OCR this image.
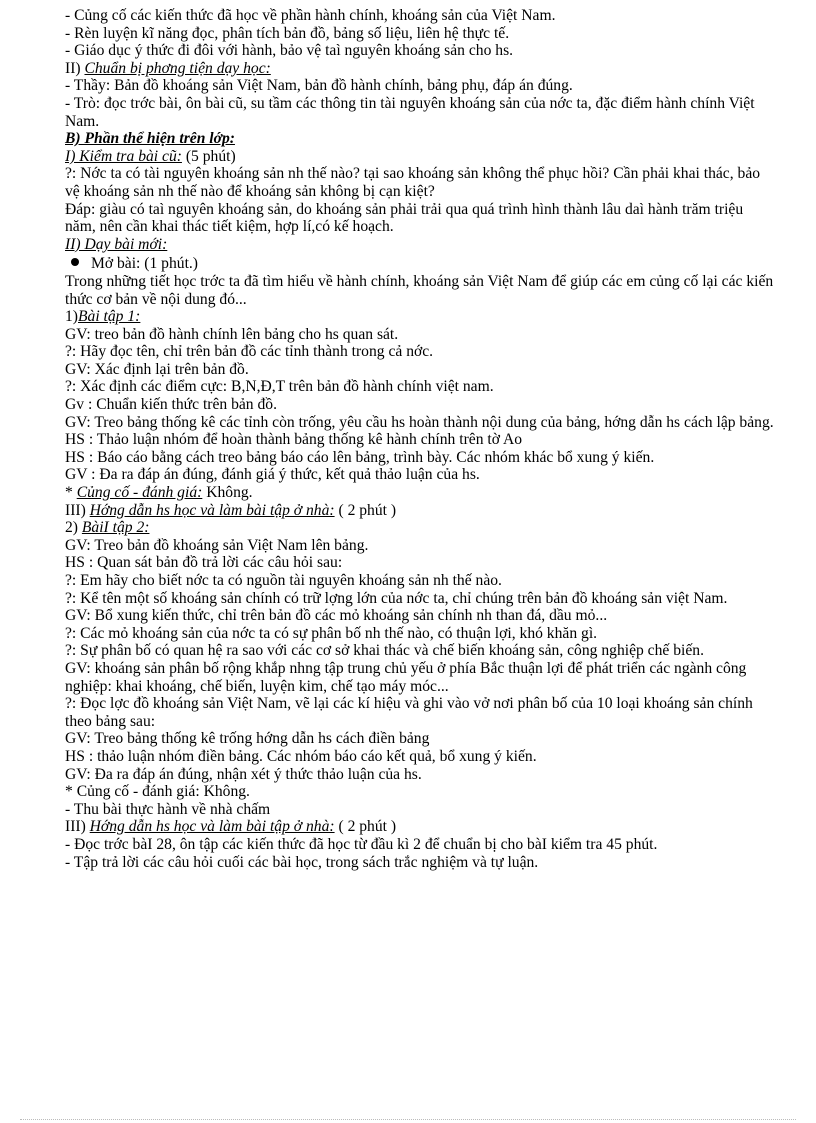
- Củng cố các kiến thức đã học về phần hành chính, khoáng sản của Việt Nam.
- Rèn luyện kĩ năng đọc, phân tích bản đồ, bảng số liệu, liên hệ thực tế.
- Giáo dục ý thức đi đôi với hành, bảo vệ taì nguyên khoáng sản cho hs.
II) Chuẩn bị phơng tiện dạy học:
- Thầy: Bản đồ khoáng sản Việt Nam, bản đồ hành chính, bảng phụ, đáp án đúng.
- Trò: đọc trớc bài, ôn bài cũ, su tầm các thông tin tài nguyên khoáng sản của nớc ta, đặc điểm hành chính Việt Nam.
B) Phần thể hiện trên lớp:
I) Kiểm tra bài cũ: (5 phút)
?: Nớc ta có tài nguyên khoáng sản nh thế nào? tại sao khoáng sản không thể phục hồi? Cần phải khai thác, bảo vệ khoáng sản nh thế nào để khoáng sản không bị cạn kiệt?
Đáp: giàu có taì nguyên khoáng sản, do khoáng sản phải trải qua quá trình hình thành lâu daì hành trăm triệu năm, nên cần khai thác tiết kiệm, hợp lí,có kế hoạch.
II) Dạy bài mới:
Mở bài: (1 phút.)
Trong những tiết học trớc ta đã tìm hiểu về hành chính, khoáng sản Việt Nam để giúp các em củng cố lại các kiến thức cơ bản về nội dung đó...
1)Bài tập 1:
GV: treo bản đồ hành chính lên bảng cho hs quan sát.
?: Hãy đọc tên, chỉ trên bản đồ các tỉnh thành trong cả nớc.
GV: Xác định lại trên bản đồ.
?: Xác định các điểm cực: B,N,Đ,T trên bản đồ hành chính việt nam.
Gv : Chuẩn kiến thức trên bản đồ.
GV: Treo bảng thống kê các tỉnh còn trống, yêu cầu hs hoàn thành nội dung của bảng, hớng dẫn hs cách lập bảng.
HS : Thảo luận nhóm để hoàn thành bảng thống kê hành chính trên tờ Ao
HS : Báo cáo bằng cách treo bảng báo cáo lên bảng, trình bày. Các nhóm khác bổ xung ý kiến.
GV : Đa ra đáp án đúng, đánh giá ý thức, kết quả thảo luận của hs.
* Củng cố - đánh giá: Không.
III) Hớng dẫn hs học và làm bài tập ở nhà: ( 2 phút )
2) BàiI tập 2:
GV: Treo bản đồ khoáng sản Việt Nam lên bảng.
HS : Quan sát bản đồ trả lời các câu hỏi sau:
?: Em hãy cho biết nớc ta có nguồn tài nguyên khoáng sản nh thế nào.
?: Kể tên một số khoáng sản chính có trữ lợng lớn của nớc ta, chỉ chúng trên bản đồ khoáng sản việt Nam.
GV: Bổ xung kiến thức, chỉ trên bản đồ các mỏ khoáng sản chính nh than đá, dầu mỏ...
?: Các mỏ khoáng sản của nớc ta có sự phân bố nh thế nào, có thuận lợi, khó khăn gì.
?: Sự phân bố có quan hệ ra sao với các cơ sở khai thác và chế biến khoáng sản, công nghiệp chế biến.
GV: khoáng sản phân bố rộng khắp nhng tập trung chủ yếu ở phía Bắc thuận lợi để phát triển các ngành công nghiệp: khai khoáng, chế biến, luyện kim, chế tạo máy móc...
?: Đọc lợc đồ khoáng sản Việt Nam, vẽ lại các kí hiệu và ghi vào vở nơi phân bố của 10 loại khoáng sản chính theo bảng sau:
GV: Treo bảng thống kê trống hớng dẫn hs cách điền bảng
HS : thảo luận nhóm điền bảng. Các nhóm báo cáo kết quả, bổ xung ý kiến.
GV: Đa ra đáp án đúng, nhận xét ý thức thảo luận của hs.
* Củng cố - đánh giá: Không.
- Thu bài thực hành về nhà chấm
III) Hớng dẫn hs học và làm bài tập ở nhà: ( 2 phút )
- Đọc trớc bàI 28, ôn tập các kiến thức đã học từ đầu kì 2 để chuẩn bị cho bàI kiểm tra 45 phút.
- Tập trả lời các câu hỏi cuối các bài học, trong sách trắc nghiệm và tự luận.
